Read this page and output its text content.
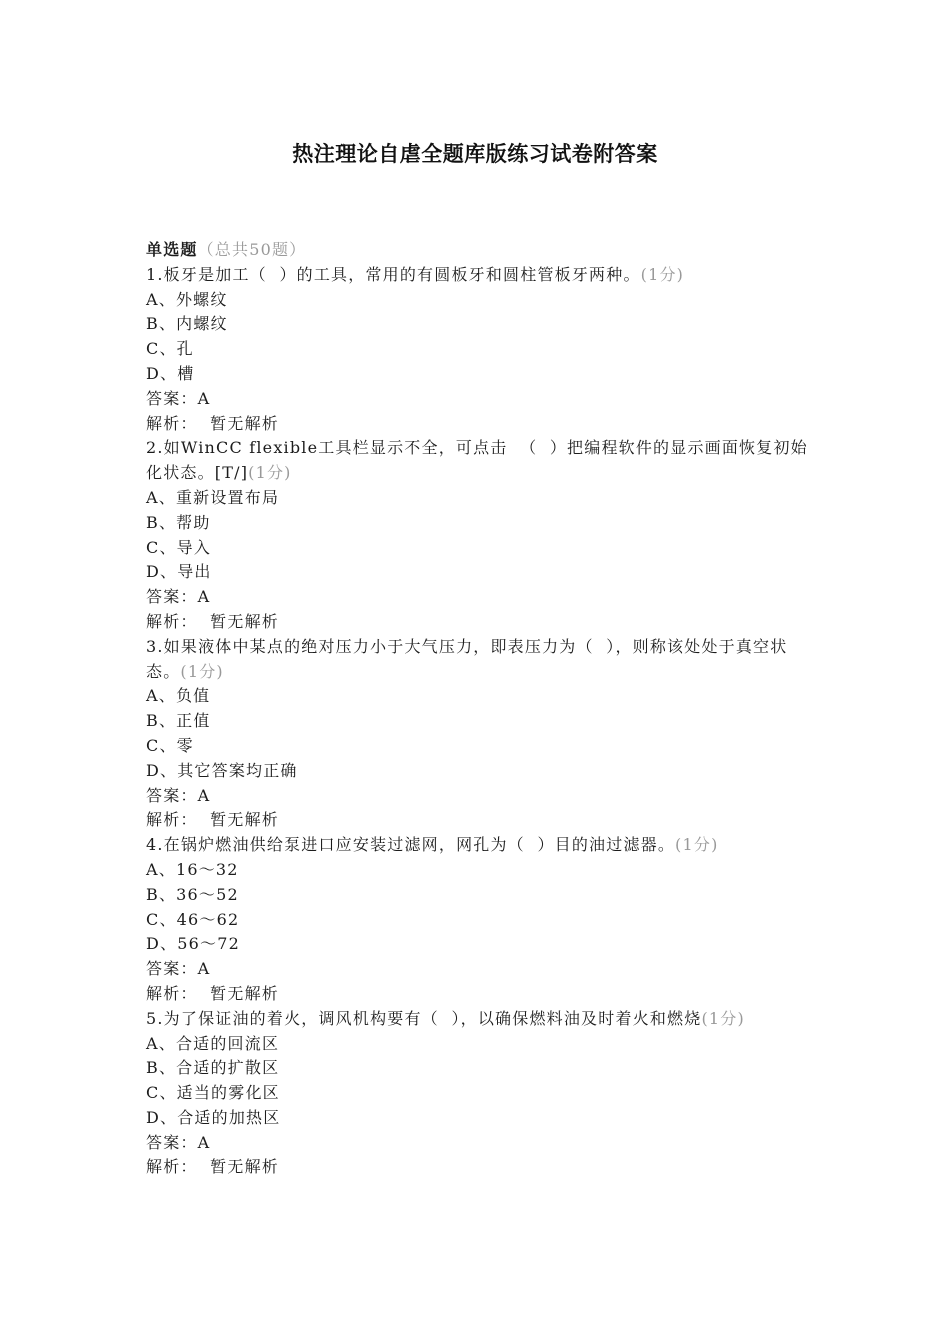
热注理论自虐全题库版练习试卷附答案
单选题（总共50题）
1.板牙是加工（  ）的工具，常用的有圆板牙和圆柱管板牙两种。(1分)
A、外螺纹
B、内螺纹
C、孔
D、槽
答案：A
解析：  暂无解析
2.如WinCC flexible工具栏显示不全，可点击  （  ）把编程软件的显示画面恢复初始化状态。[T/](1分)
A、重新设置布局
B、帮助
C、导入
D、导出
答案：A
解析：  暂无解析
3.如果液体中某点的绝对压力小于大气压力，即表压力为（  ），则称该处处于真空状态。(1分)
A、负值
B、正值
C、零
D、其它答案均正确
答案：A
解析：  暂无解析
4.在锅炉燃油供给泵进口应安装过滤网，网孔为（  ）目的油过滤器。(1分)
A、16～32
B、36～52
C、46～62
D、56～72
答案：A
解析：  暂无解析
5.为了保证油的着火，调风机构要有（  ），以确保燃料油及时着火和燃烧(1分)
A、合适的回流区
B、合适的扩散区
C、适当的雾化区
D、合适的加热区
答案：A
解析：  暂无解析
